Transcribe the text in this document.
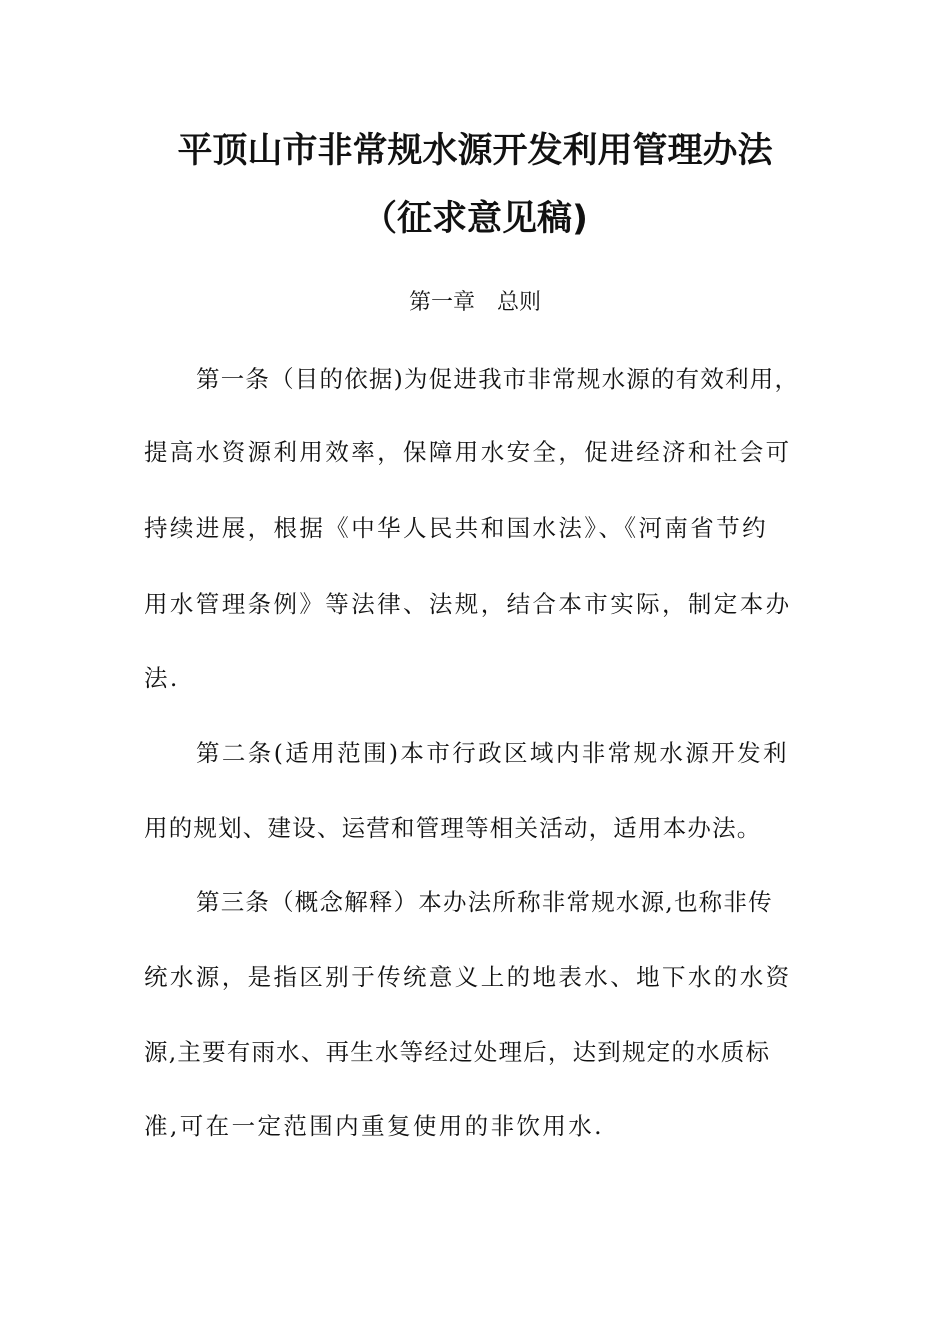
平顶山市非常规水源开发利用管理办法
（征求意见稿)
第一章　总则
第一条（目的依据)为促进我市非常规水源的有效利用，
提高水资源利用效率，保障用水安全，促进经济和社会可
持续进展，根据《中华人民共和国水法》、《河南省节约
用水管理条例》等法律、法规，结合本市实际，制定本办
法.
第二条(适用范围)本市行政区域内非常规水源开发利
用的规划、建设、运营和管理等相关活动，适用本办法。
第三条（概念解释）本办法所称非常规水源,也称非传
统水源，是指区别于传统意义上的地表水、地下水的水资
源,主要有雨水、再生水等经过处理后，达到规定的水质标
准,可在一定范围内重复使用的非饮用水.
